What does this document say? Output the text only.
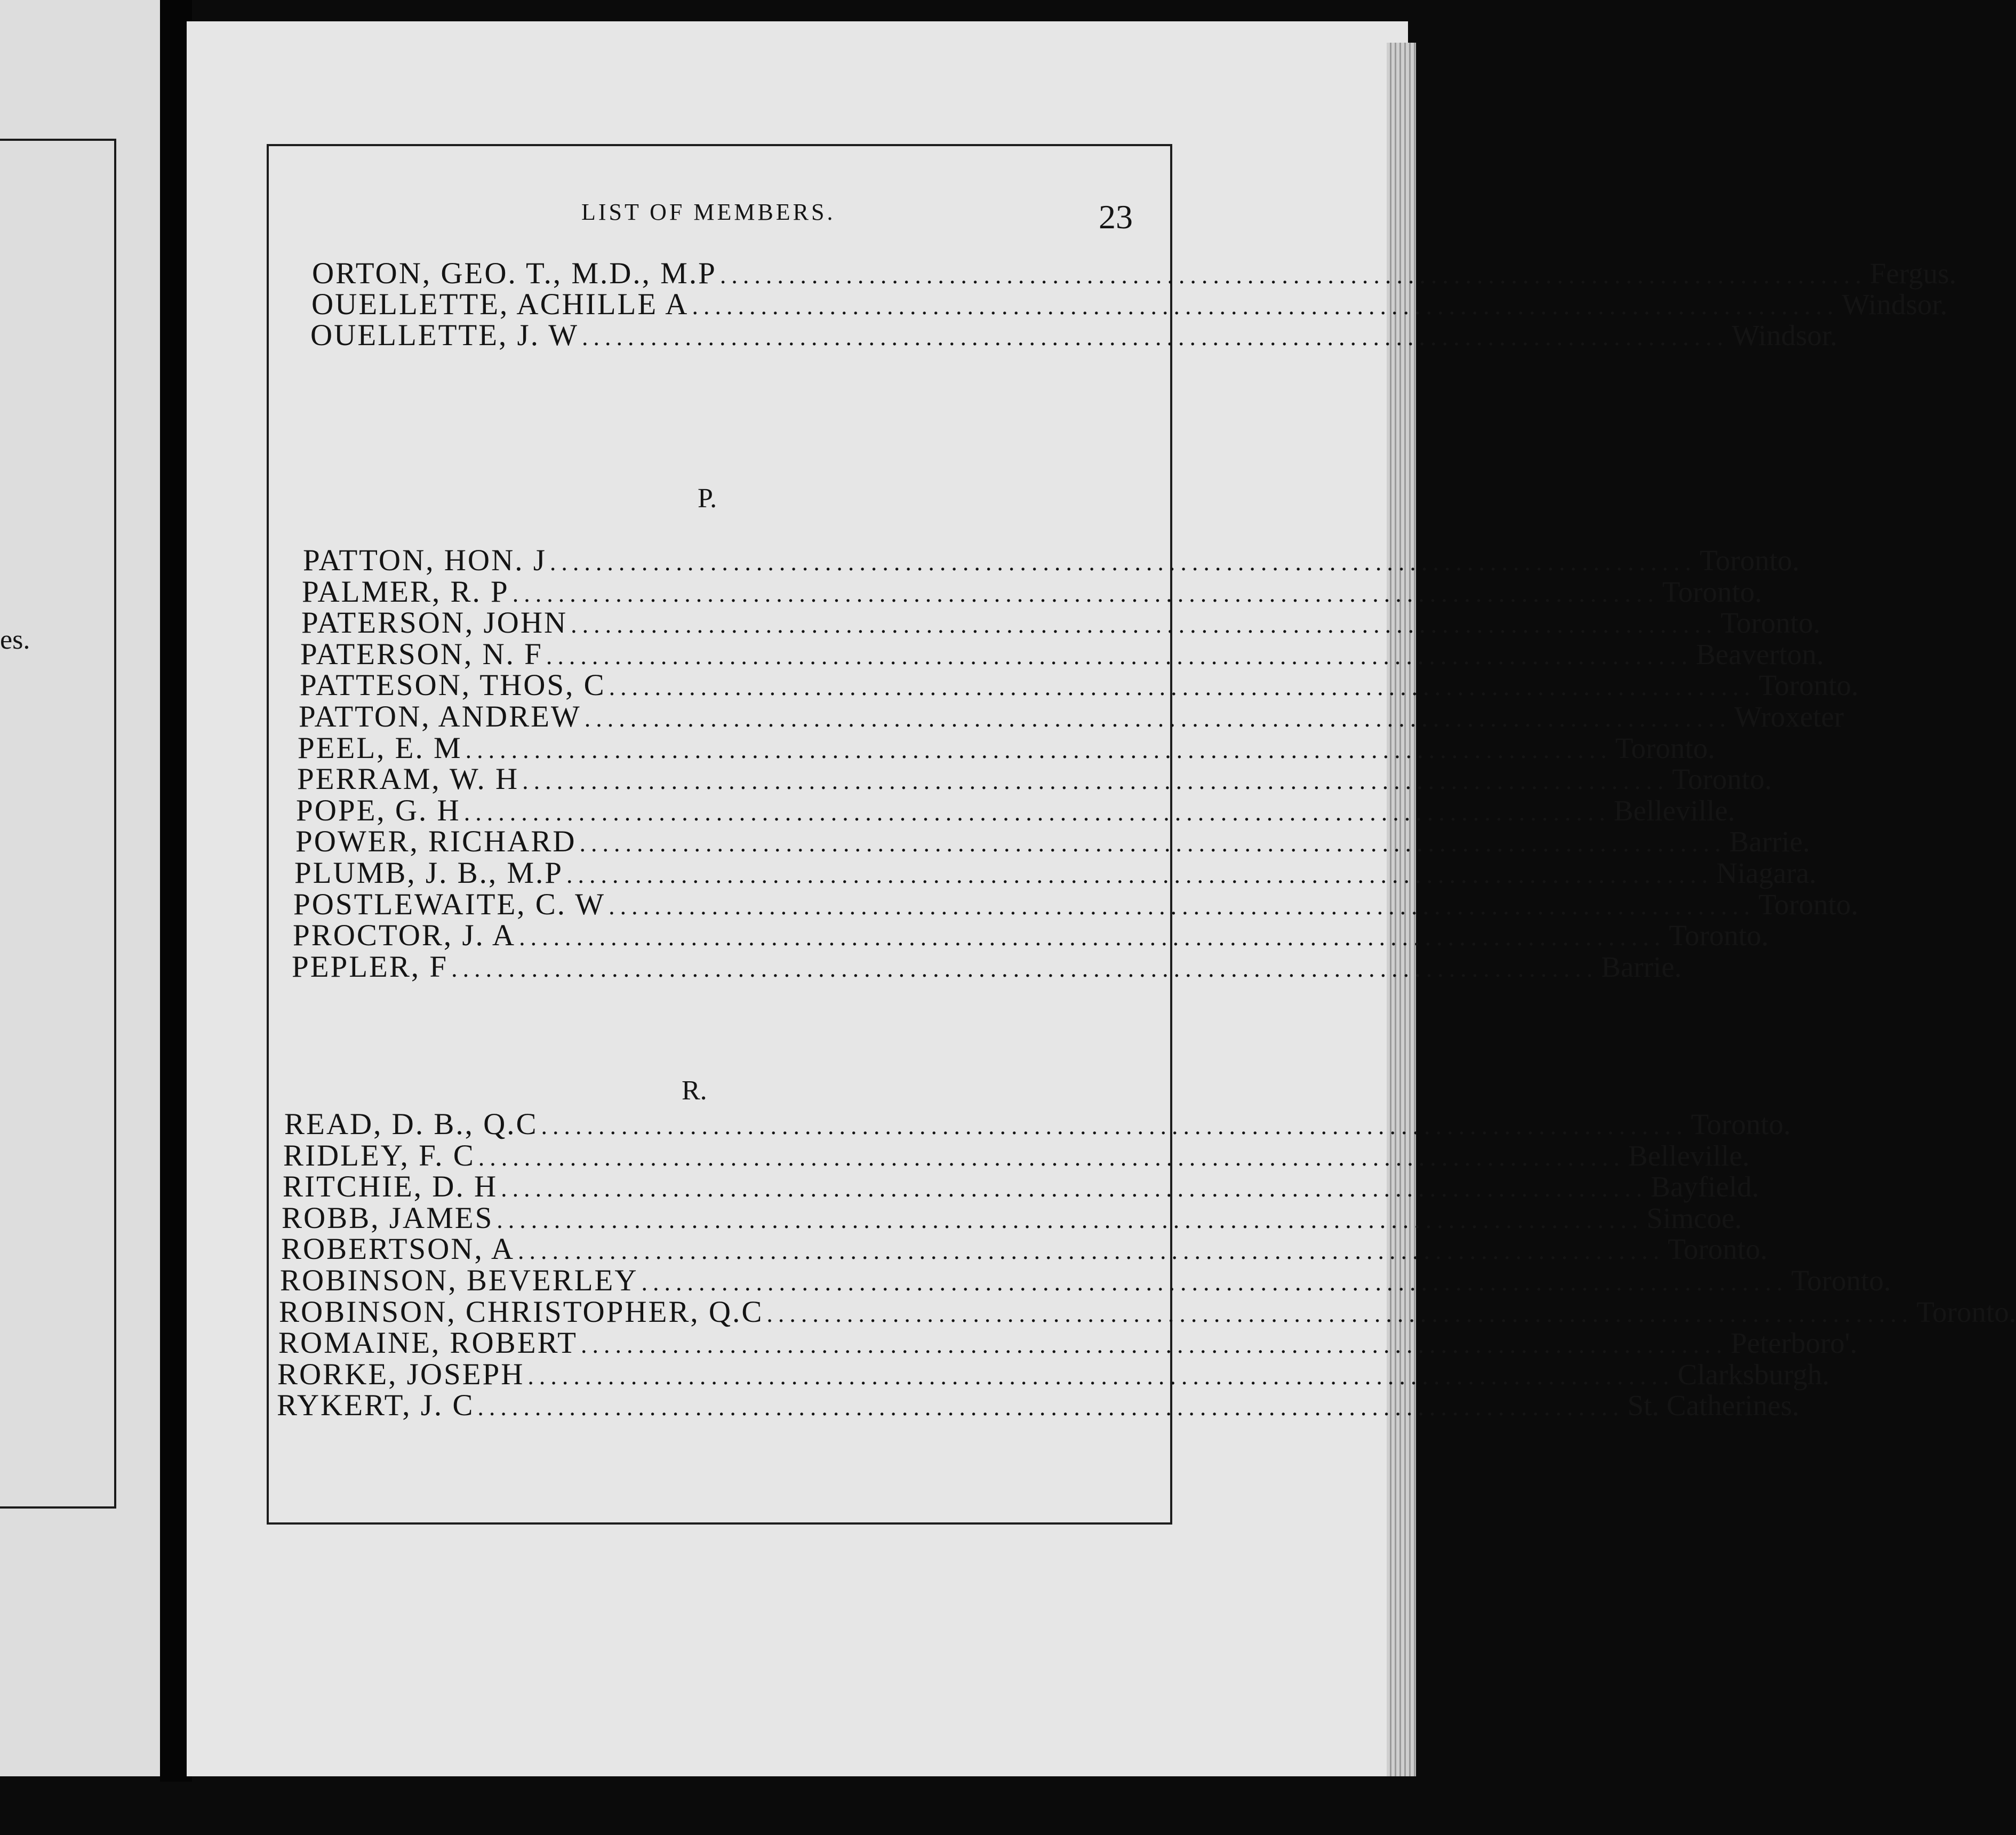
es.
LIST OF MEMBERS.	23
P.
R.
ORTON, GEO. T., M.D., M.P .................................................................................................... Fergus.
OUELLETTE, ACHILLE A .................................................................................................... Windsor.
OUELLETTE, J. W .................................................................................................... Windsor.
PATTON, HON. J .................................................................................................... Toronto.
PALMER, R. P .................................................................................................... Toronto.
PATERSON, JOHN .................................................................................................... Toronto.
PATERSON, N. F .................................................................................................... Beaverton.
PATTESON, THOS, C .................................................................................................... Toronto.
PATTON, ANDREW .................................................................................................... Wroxeter
PEEL, E. M .................................................................................................... Toronto.
PERRAM, W. H .................................................................................................... Toronto.
POPE, G. H .................................................................................................... Belleville.
POWER, RICHARD .................................................................................................... Barrie.
PLUMB, J. B., M.P .................................................................................................... Niagara.
POSTLEWAITE, C. W .................................................................................................... Toronto.
PROCTOR, J. A .................................................................................................... Toronto.
PEPLER, F .................................................................................................... Barrie.
READ, D. B., Q.C .................................................................................................... Toronto.
RIDLEY, F. C .................................................................................................... Belleville.
RITCHIE, D. H .................................................................................................... Bayfield.
ROBB, JAMES .................................................................................................... Simcoe.
ROBERTSON, A .................................................................................................... Toronto.
ROBINSON, BEVERLEY .................................................................................................... Toronto.
ROBINSON, CHRISTOPHER, Q.C .................................................................................................... Toronto.
ROMAINE, ROBERT .................................................................................................... Peterboro'.
RORKE, JOSEPH .................................................................................................... Clarksburgh.
RYKERT, J. C .................................................................................................... St. Catherines.
